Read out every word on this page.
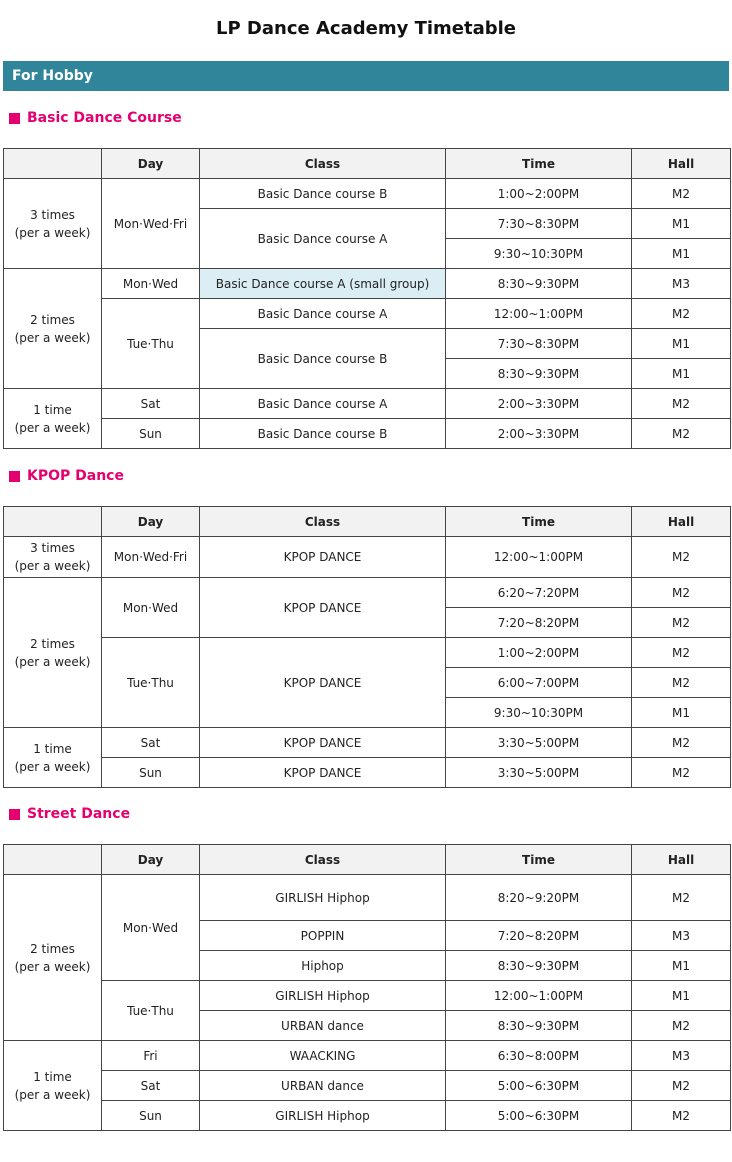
LP Dance Academy Timetable
For Hobby
Basic Dance Course
	Day	Class	Time	Hall
3 times
(per a week)	Mon·Wed·Fri	Basic Dance course B	1:00~2:00PM	M2
		Basic Dance course A	7:30~8:30PM	M1
			9:30~10:30PM	M1
2 times
(per a week)	Mon·Wed	Basic Dance course A (small group)	8:30~9:30PM	M3
	Tue·Thu	Basic Dance course A	12:00~1:00PM	M2
		Basic Dance course B	7:30~8:30PM	M1
			8:30~9:30PM	M1
1 time
(per a week)	Sat	Basic Dance course A	2:00~3:30PM	M2
	Sun	Basic Dance course B	2:00~3:30PM	M2
KPOP Dance
	Day	Class	Time	Hall
3 times
(per a week)	Mon·Wed·Fri	KPOP DANCE	12:00~1:00PM	M2
2 times
(per a week)	Mon·Wed	KPOP DANCE	6:20~7:20PM	M2
			7:20~8:20PM	M2
	Tue·Thu	KPOP DANCE	1:00~2:00PM	M2
			6:00~7:00PM	M2
			9:30~10:30PM	M1
1 time
(per a week)	Sat	KPOP DANCE	3:30~5:00PM	M2
	Sun	KPOP DANCE	3:30~5:00PM	M2
Street Dance
	Day	Class	Time	Hall
2 times
(per a week)	Mon·Wed	GIRLISH Hiphop	8:20~9:20PM	M2
		POPPIN	7:20~8:20PM	M3
		Hiphop	8:30~9:30PM	M1
	Tue·Thu	GIRLISH Hiphop	12:00~1:00PM	M1
		URBAN dance	8:30~9:30PM	M2
1 time
(per a week)	Fri	WAACKING	6:30~8:00PM	M3
	Sat	URBAN dance	5:00~6:30PM	M2
	Sun	GIRLISH Hiphop	5:00~6:30PM	M2
